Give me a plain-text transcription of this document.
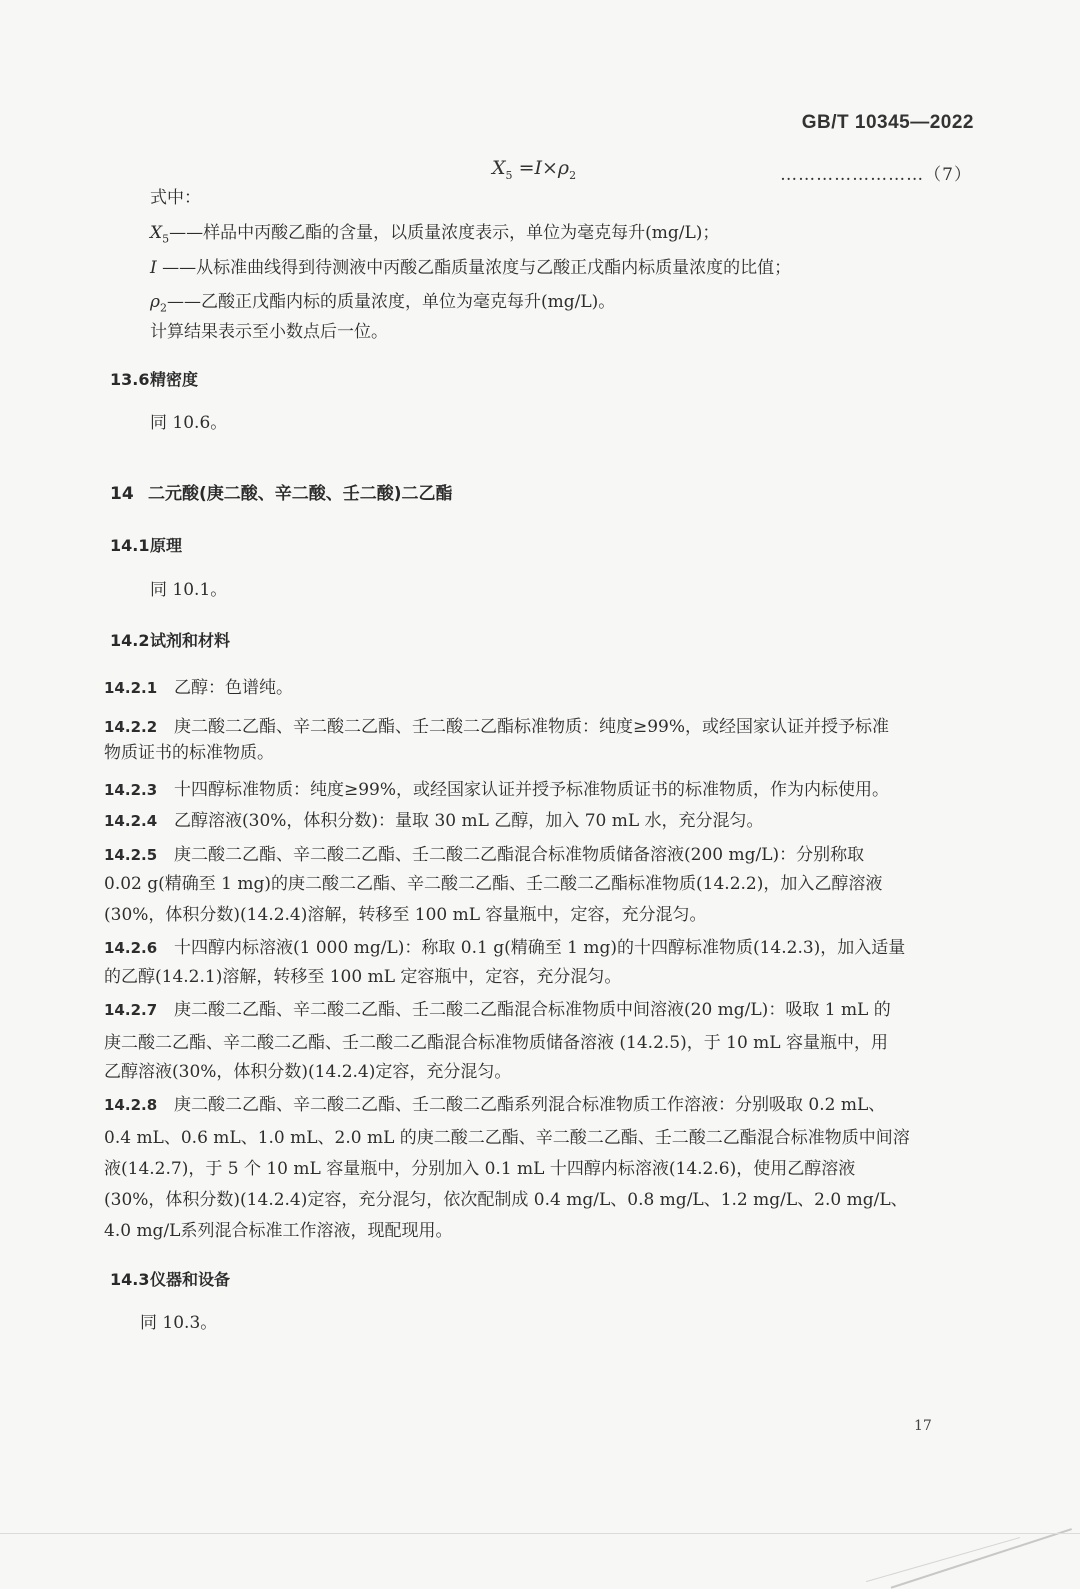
GB/T 10345—2022
$X_5 =I\times\rho_2$	……………………（7）
式中：
$X_5——$样品中丙酸乙酯的含量，以质量浓度表示，单位为毫克每升(mg/L)；
I ——从标准曲线得到待测液中丙酸乙酯质量浓度与乙酸正戊酯内标质量浓度的比值；
$\rho_2——$乙酸正戊酯内标的质量浓度，单位为毫克每升(mg/L)。
计算结果表示至小数点后一位。
13.6精密度
同 10.6。
14 二元酸(庚二酸、辛二酸、壬二酸)二乙酯
14.1原理
同 10.1。
14.2试剂和材料
14.2.1 乙醇：色谱纯。
14.2.2 庚二酸二乙酯、辛二酸二乙酯、壬二酸二乙酯标准物质：纯度≥99%，或经国家认证并授予标准
物质证书的标准物质。
14.2.3 十四醇标准物质：纯度≥99%，或经国家认证并授予标准物质证书的标准物质，作为内标使用。
14.2.4 乙醇溶液(30%，体积分数)：量取 30 mL 乙醇，加入 70 mL 水，充分混匀。
14.2.5 庚二酸二乙酯、辛二酸二乙酯、壬二酸二乙酯混合标准物质储备溶液(200 mg/L)：分别称取
0.02 g(精确至 1 mg)的庚二酸二乙酯、辛二酸二乙酯、壬二酸二乙酯标准物质(14.2.2)，加入乙醇溶液
(30%，体积分数)(14.2.4)溶解，转移至 100 mL 容量瓶中，定容，充分混匀。
14.2.6 十四醇内标溶液(1 000 mg/L)：称取 0.1 g(精确至 1 mg)的十四醇标准物质(14.2.3)，加入适量
的乙醇(14.2.1)溶解，转移至 100 mL 定容瓶中，定容，充分混匀。
14.2.7 庚二酸二乙酯、辛二酸二乙酯、壬二酸二乙酯混合标准物质中间溶液(20 mg/L)：吸取 1 mL 的
庚二酸二乙酯、辛二酸二乙酯、壬二酸二乙酯混合标准物质储备溶液 (14.2.5)，于 10 mL 容量瓶中，用
乙醇溶液(30%，体积分数)(14.2.4)定容，充分混匀。
14.2.8 庚二酸二乙酯、辛二酸二乙酯、壬二酸二乙酯系列混合标准物质工作溶液：分别吸取 0.2 mL、
0.4 mL、0.6 mL、1.0 mL、2.0 mL 的庚二酸二乙酯、辛二酸二乙酯、壬二酸二乙酯混合标准物质中间溶
液(14.2.7)，于 5 个 10 mL 容量瓶中，分别加入 0.1 mL 十四醇内标溶液(14.2.6)，使用乙醇溶液
(30%，体积分数)(14.2.4)定容，充分混匀，依次配制成 0.4 mg/L、0.8 mg/L、1.2 mg/L、2.0 mg/L、
4.0 mg/L系列混合标准工作溶液，现配现用。
14.3仪器和设备
同 10.3。
17
